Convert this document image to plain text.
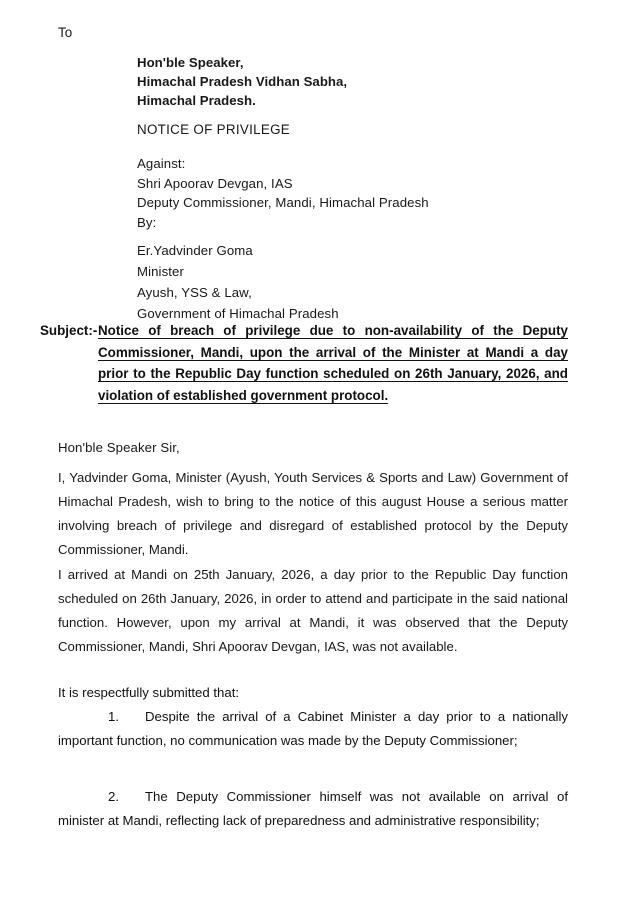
To
Hon'ble Speaker,
Himachal Pradesh Vidhan Sabha,
Himachal Pradesh.
NOTICE OF PRIVILEGE
Against:
Shri Apoorav Devgan, IAS
Deputy Commissioner, Mandi, Himachal Pradesh
By:
Er.Yadvinder Goma
Minister
Ayush, YSS & Law,
Government of Himachal Pradesh
Subject:- Notice of breach of privilege due to non-availability of the Deputy Commissioner, Mandi, upon the arrival of the Minister at Mandi a day prior to the Republic Day function scheduled on 26th January, 2026, and violation of established government protocol.
Hon'ble Speaker Sir,
I, Yadvinder Goma, Minister (Ayush, Youth Services & Sports and Law) Government of Himachal Pradesh, wish to bring to the notice of this august House a serious matter involving breach of privilege and disregard of established protocol by the Deputy Commissioner, Mandi.
I arrived at Mandi on 25th January, 2026, a day prior to the Republic Day function scheduled on 26th January, 2026, in order to attend and participate in the said national function. However, upon my arrival at Mandi, it was observed that the Deputy Commissioner, Mandi, Shri Apoorav Devgan, IAS, was not available.
It is respectfully submitted that:
1. Despite the arrival of a Cabinet Minister a day prior to a nationally important function, no communication was made by the Deputy Commissioner;
2. The Deputy Commissioner himself was not available on arrival of minister at Mandi, reflecting lack of preparedness and administrative responsibility;
